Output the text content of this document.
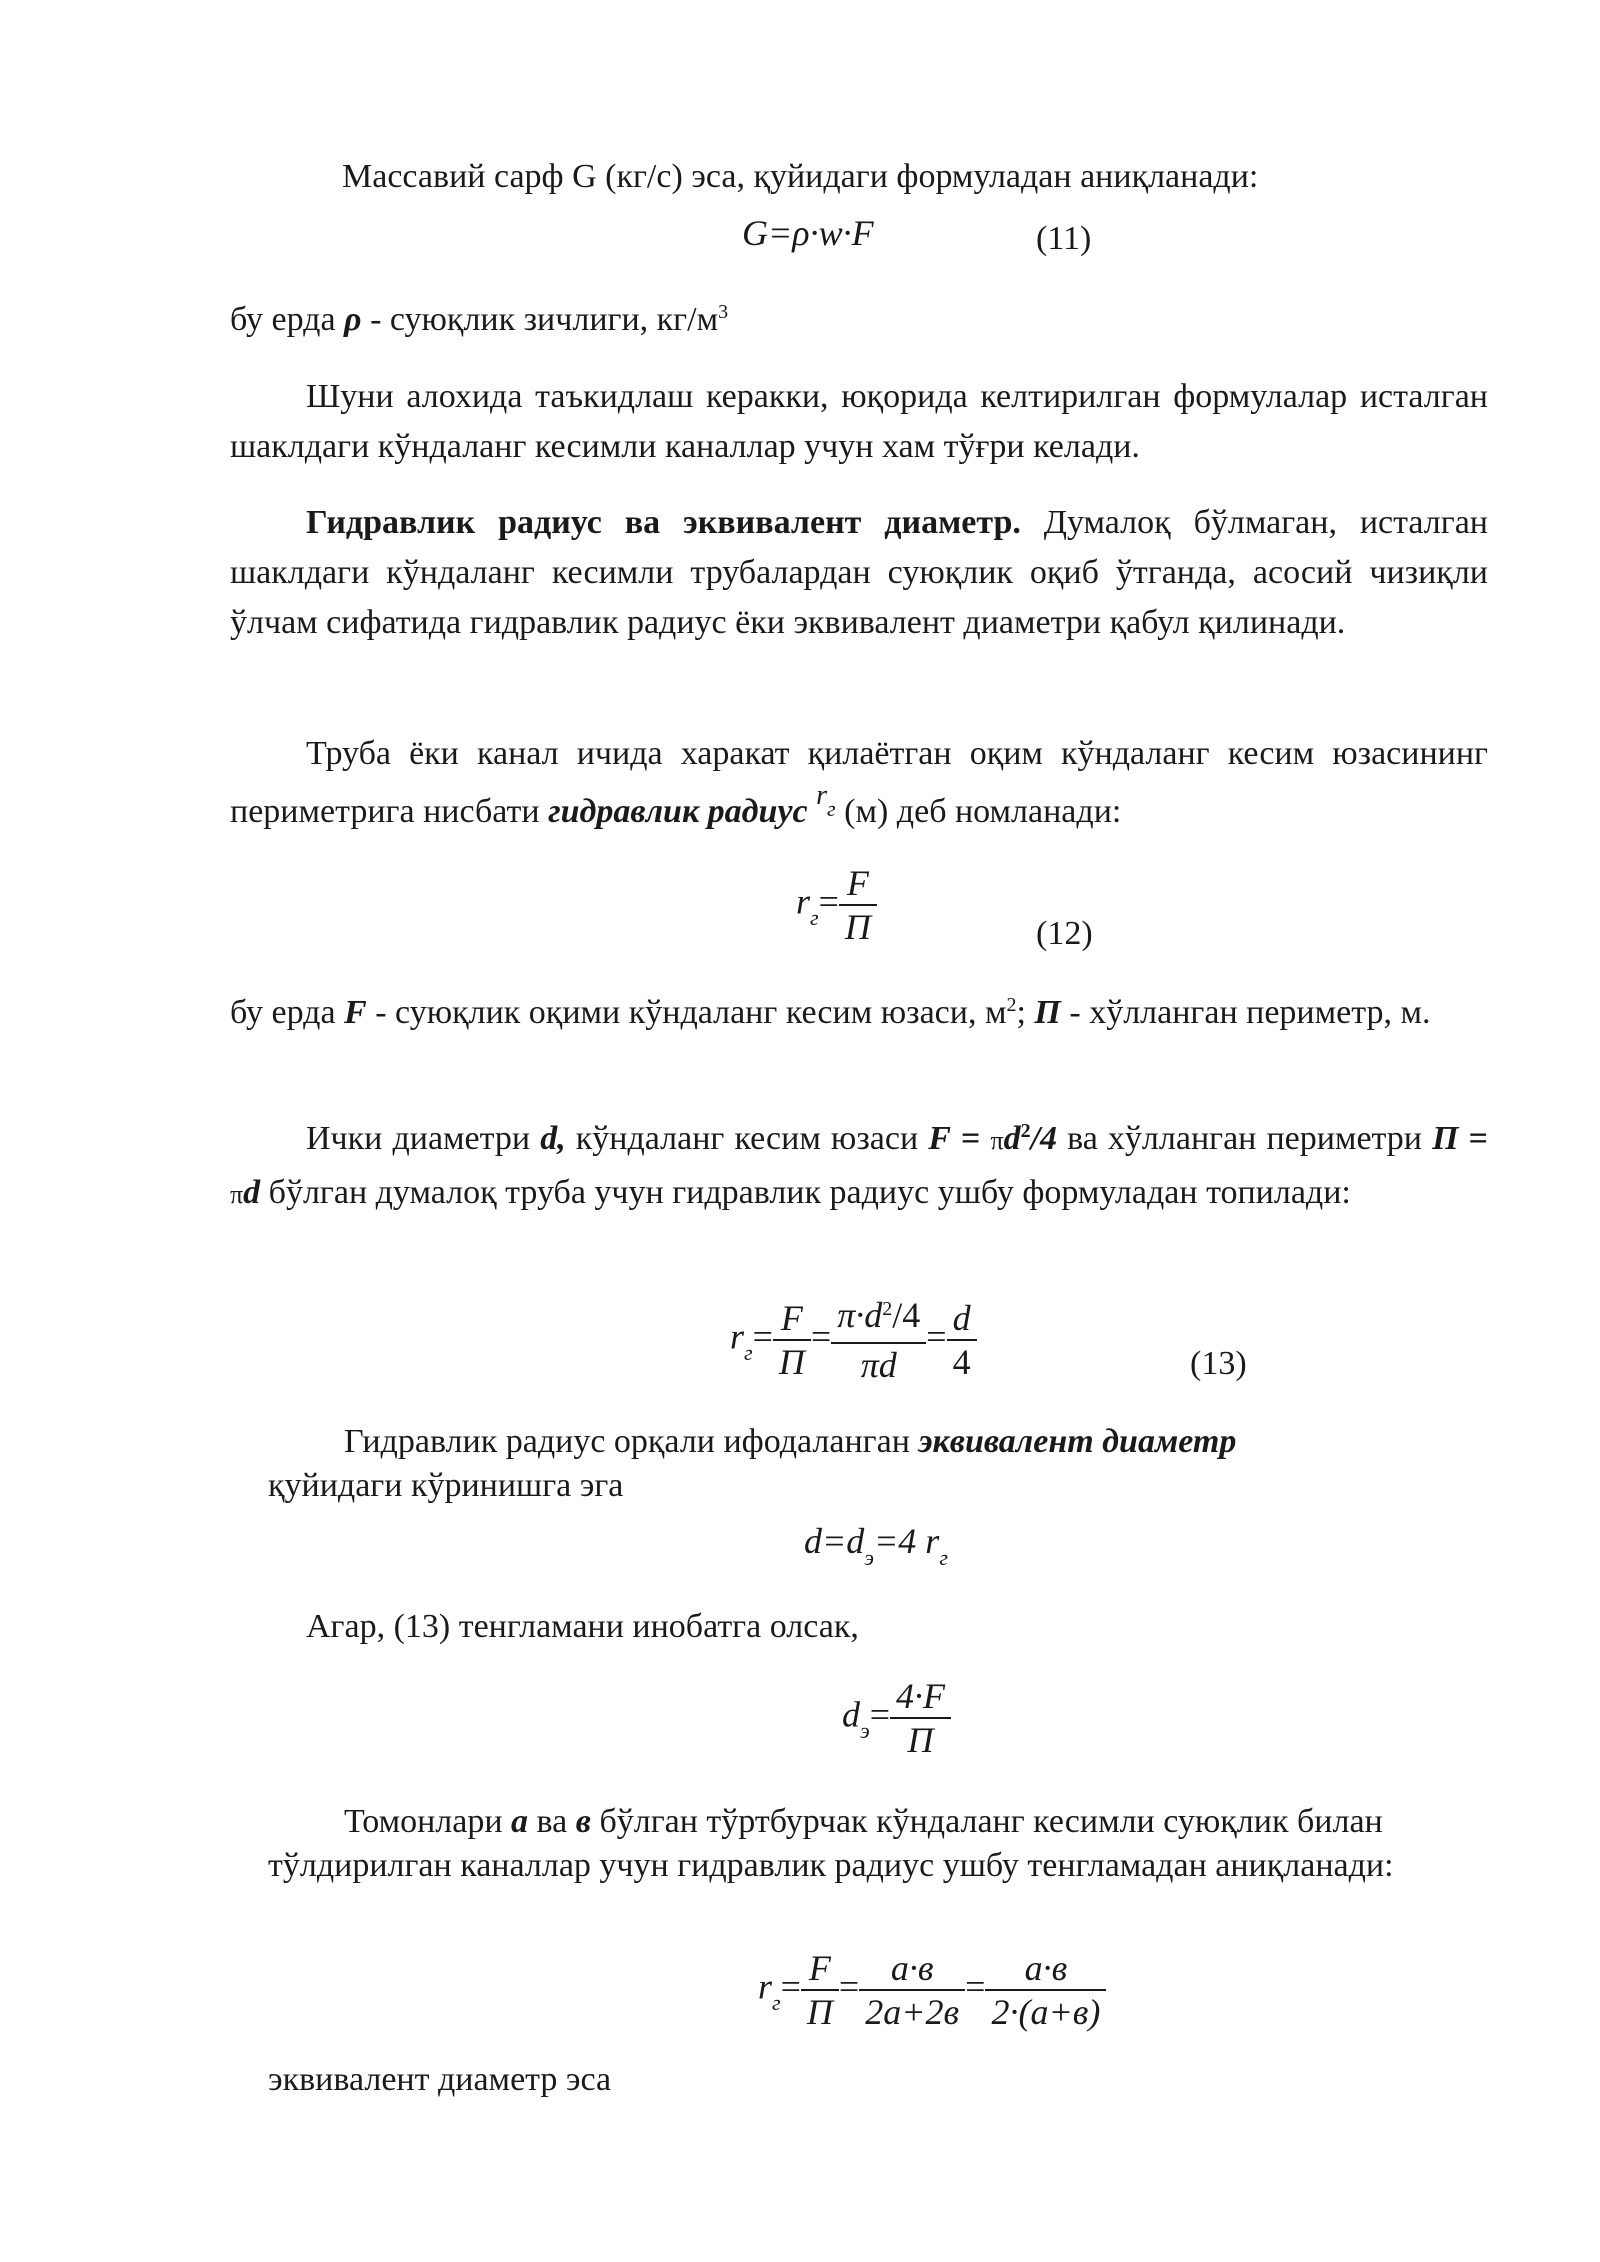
Массавий сарф G (кг/с) эса, қуйидаги формуладан аниқланади:

G=ρ·w·F	(11)

бу ерда ρ - суюқлик зичлиги, $кг/м^3$

Шуни алохида таъкидлаш керакки, юқорида келтирилган формулалар исталган шаклдаги кўндаланг кесимли каналлар учун хам тўғри келади.

Гидравлик радиус ва эквивалент диаметр. Думалоқ бўлмаган, исталган шаклдаги кўндаланг кесимли трубалардан суюқлик оқиб ўтганда, асосий чизиқли ўлчам сифатида гидравлик радиус ёки эквивалент диаметри қабул қилинади.

Труба ёки канал ичида харакат қилаётган оқим кўндаланг кесим юзасининг периметрига нисбати гидравлик радиус $^{r_г}$ (м) деб номланади:

$r_г= \frac{F}{П}$	(12)

бу ерда F - суюқлик оқими кўндаланг кесим юзаси, $м^2$; П - хўлланган периметр, м.

Ички диаметри d, кўндаланг кесим юзаси $F = \pi d^2/4$ ва хўлланган периметри П = πd бўлган думалоқ труба учун гидравлик радиус ушбу формуладан топилади:

$r_г= \frac{F}{П} = \frac{\pi\cdot d^2/4}{\pi d} = \frac{d}{4}$	(13)

Гидравлик радиус орқали ифодаланган эквивалент диаметр қуйидаги кўринишга эга

$d=d_э=4$ $r_г$

Агар, (13) тенгламани инобатга олсак,

$d_э= \frac{4\cdot F}{П}$

Томонлари а ва в бўлган тўртбурчак кўндаланг кесимли суюқлик билан тўлдирилган каналлар учун гидравлик радиус ушбу тенгламадан аниқланади:

$r_г= \frac{F}{П} = \frac{а\cdot в}{2а+2в} = \frac{а\cdot в}{2\cdot(а+в)}$

эквивалент диаметр эса
